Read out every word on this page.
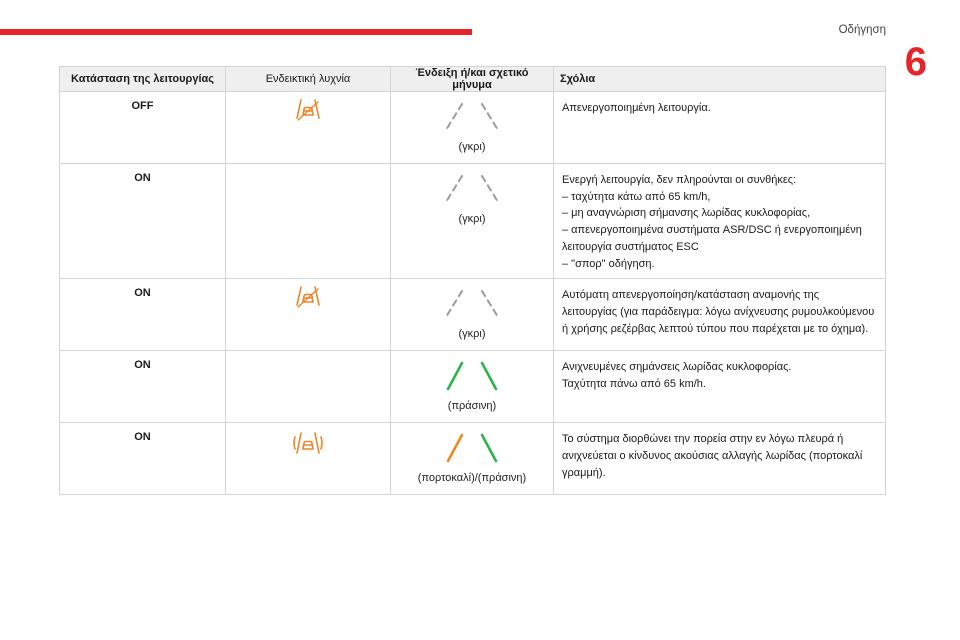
Οδήγηση
6
Κατάσταση της λειτουργίας	Ενδεικτική λυχνία	Ένδειξη ή/και σχετικό μήνυμα	Σχόλια
OFF		(γκρι)	Απενεργοποιημένη λειτουργία.

ON		(γκρι)	Ενεργή λειτουργία, δεν πληρούνται οι συνθήκες:
– ταχύτητα κάτω από 65 km/h,
– μη αναγνώριση σήμανσης λωρίδας κυκλοφορίας,
– απενεργοποιημένα συστήματα ASR/DSC ή ενεργοποιημένη λειτουργία συστήματος ESC
– "σπορ" οδήγηση.

ON		(γκρι)	Αυτόματη απενεργοποίηση/κατάσταση αναμονής της λειτουργίας (για παράδειγμα: λόγω ανίχνευσης ρυμουλκούμενου ή χρήσης ρεζέρβας λεπτού τύπου που παρέχεται με το όχημα).

ON		(πράσινη)	Ανιχνευμένες σημάνσεις λωρίδας κυκλοφορίας.
Ταχύτητα πάνω από 65 km/h.

ON		(πορτοκαλί)/(πράσινη)	Το σύστημα διορθώνει την πορεία στην εν λόγω πλευρά ή ανιχνεύεται ο κίνδυνος ακούσιας αλλαγής λωρίδας (πορτοκαλί γραμμή).
